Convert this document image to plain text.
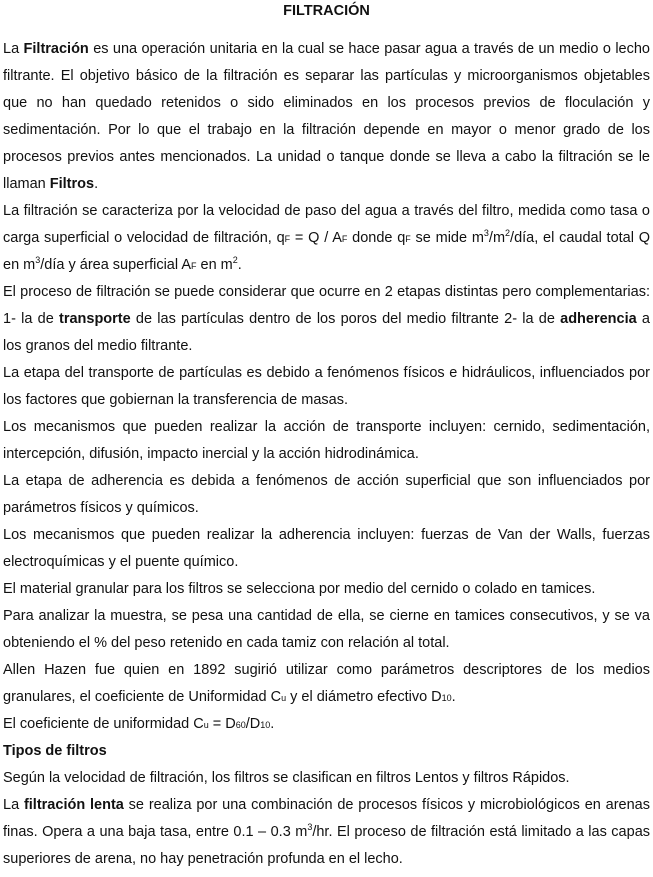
FILTRACIÓN

La Filtración es una operación unitaria en la cual se hace pasar agua a través de un medio o lecho filtrante. El objetivo básico de la filtración es separar las partículas y microorganismos objetables que no han quedado retenidos o sido eliminados en los procesos previos de floculación y sedimentación. Por lo que el trabajo en la filtración depende en mayor o menor grado de los procesos previos antes mencionados. La unidad o tanque donde se lleva a cabo la filtración se le llaman Filtros.

La filtración se caracteriza por la velocidad de paso del agua a través del filtro, medida como tasa o carga superficial o velocidad de filtración, qF = Q / AF donde qF se mide $m^3/m^2$/día, el caudal total Q en $m^3$/día y área superficial AF en $m^2$.

El proceso de filtración se puede considerar que ocurre en 2 etapas distintas pero complementarias: 1- la de transporte de las partículas dentro de los poros del medio filtrante 2- la de adherencia a los granos del medio filtrante.

La etapa del transporte de partículas es debido a fenómenos físicos e hidráulicos, influenciados por los factores que gobiernan la transferencia de masas.

Los mecanismos que pueden realizar la acción de transporte incluyen: cernido, sedimentación, intercepción, difusión, impacto inercial y la acción hidrodinámica.

La etapa de adherencia es debida a fenómenos de acción superficial que son influenciados por parámetros físicos y químicos.

Los mecanismos que pueden realizar la adherencia incluyen: fuerzas de Van der Walls, fuerzas electroquímicas y el puente químico.

El material granular para los filtros se selecciona por medio del cernido o colado en tamices.

Para analizar la muestra, se pesa una cantidad de ella, se cierne en tamices consecutivos, y se va obteniendo el % del peso retenido en cada tamiz con relación al total.

Allen Hazen fue quien en 1892 sugirió utilizar como parámetros descriptores de los medios granulares, el coeficiente de Uniformidad Cu y el diámetro efectivo D10.

El coeficiente de uniformidad Cu = D60/D10.

Tipos de filtros

Según la velocidad de filtración, los filtros se clasifican en filtros Lentos y filtros Rápidos.

La filtración lenta se realiza por una combinación de procesos físicos y microbiológicos en arenas finas. Opera a una baja tasa, entre 0.1 – 0.3 $m^3/hr$. El proceso de filtración está limitado a las capas superiores de arena, no hay penetración profunda en el lecho.
